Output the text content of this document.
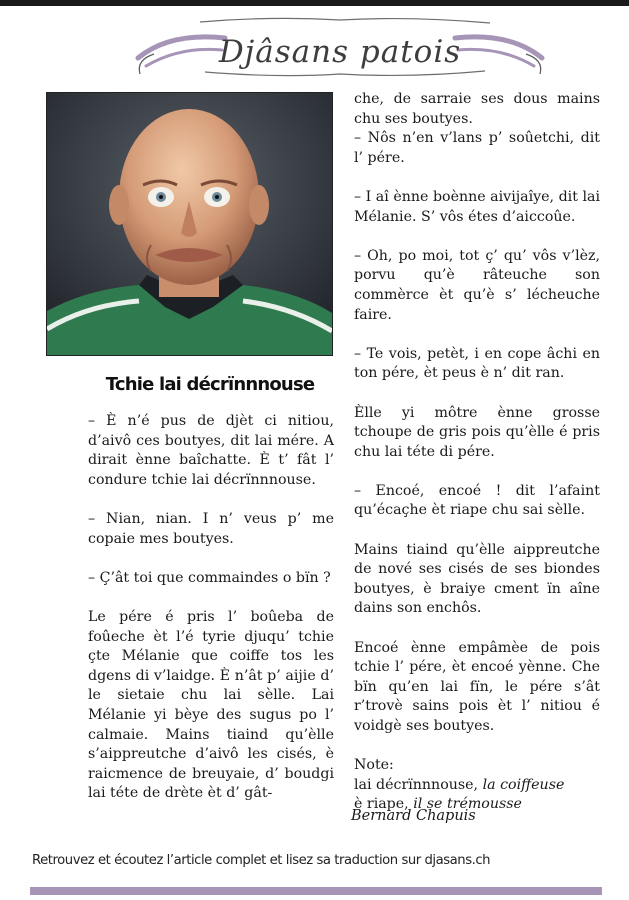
Djâsans patois
Tchie lai décrïnnnouse

– È n’é pus de djèt ci nitiou, d’aivô ces boutyes, dit lai mére. A dirait ènne baîchatte. È t’ fât l’ condure tchie lai décrïnnnouse.

– Nian, nian. I n’ veus p’ me copaie mes boutyes.

– Ç’ât toi que commaindes o bïn ?

Le pére é pris l’ boûeba de foûeche èt l’é tyrie djuqu’ tchie çte Mélanie que coiffe tos les dgens di v’laidge. È n’ât p’ aijie d’ le sietaie chu lai sèlle. Lai Mélanie yi bèye des sugus po l’ calmaie. Mains tiaind qu’èlle s’aippreutche d’aivô les cisés, è raicmence de breuyaie, d’ boudgi lai téte de drète èt d’ gât-

che, de sarraie ses dous mains chu ses boutyes.
– Nôs n’en v’lans p’ soûetchi, dit l’ pére.

– I aî ènne boènne aivijaîye, dit lai Mélanie. S’ vôs étes d’aiccoûe.

– Oh, po moi, tot ç’ qu’ vôs v’lèz, porvu qu’è râteuche son commèrce èt qu’è s’ lécheuche faire.

– Te vois, petèt, i en cope âchi en ton pére, èt peus è n’ dit ran.

Èlle yi môtre ènne grosse tchoupe de gris pois qu’èlle é pris chu lai téte di pére.

– Encoé, encoé ! dit l’afaint qu’écaçhe èt riape chu sai sèlle.

Mains tiaind qu’èlle aippreutche de nové ses cisés de ses biondes boutyes, è braiye cment ïn aîne dains son enchôs.

Encoé ènne empâmèe de pois tchie l’ pére, èt encoé yènne. Che bïn qu’en lai fïn, le pére s’ât r’trovè sains pois èt l’ nitiou é voidgè ses boutyes.

Note:
lai décrïnnnouse, la coiffeuse
è riape, il se trémousse
Bernard Chapuis
Retrouvez et écoutez l’article complet et lisez sa traduction sur djasans.ch
